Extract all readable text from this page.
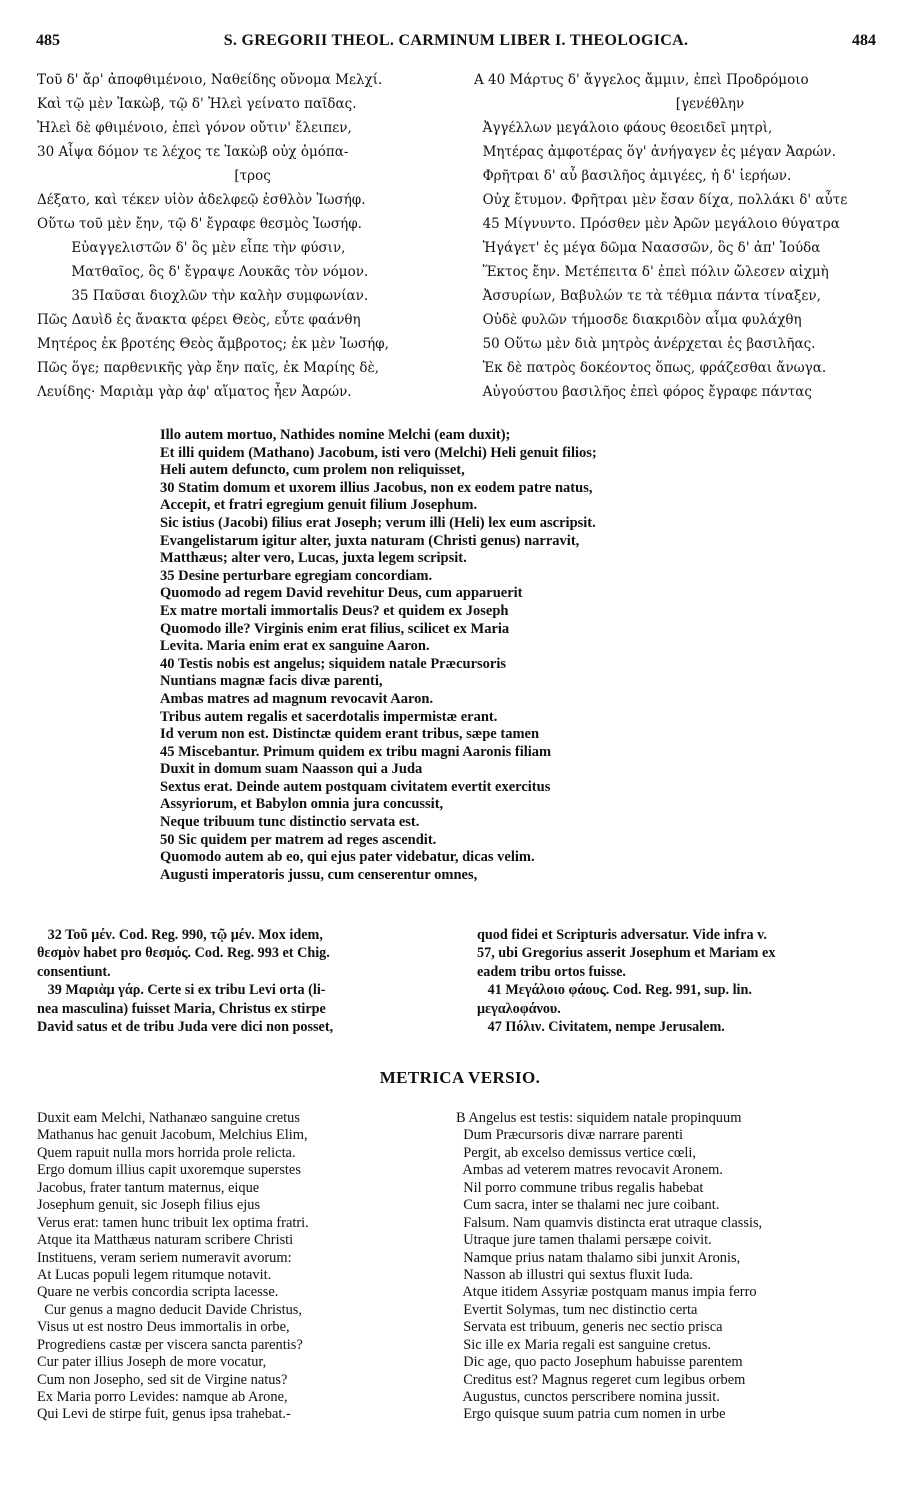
485	S. GREGORII THEOL. CARMINUM LIBER I. THEOLOGICA.	484
Τοῦ δ' ἄρ' ἀποφθιμένοιο, Ναθείδης οὔνομα Μελχί.
Καὶ τῷ μὲν Ἰακὼβ, τῷ δ' Ἠλεὶ γείνατο παῖδας.
Ἠλεὶ δὲ φθιμένοιο, ἐπεὶ γόνον οὔτιν' ἔλειπεν,
30 Αἶψα δόμον τε λέχος τε Ἰακὼβ οὐχ ὁμόπα-
[τρος
Δέξατο, καὶ τέκεν υἱὸν ἀδελφεῷ ἐσθλὸν Ἰωσήφ.
Οὕτω τοῦ μὲν ἔην, τῷ δ' ἔγραφε θεσμὸς Ἰωσήφ.
Εὐαγγελιστῶν δ' ὃς μὲν εἶπε τὴν φύσιν,
Ματθαῖος, ὃς δ' ἔγραψε Λουκᾶς τὸν νόμον.
35 Παῦσαι διοχλῶν τὴν καλὴν συμφωνίαν.
Πῶς Δαυὶδ ἐς ἄνακτα φέρει Θεὸς, εὖτε φαάνθη
Μητέρος ἐκ βροτέης Θεὸς ἄμβροτος; ἐκ μὲν Ἰωσήφ,
Πῶς ὅγε; παρθενικῆς γὰρ ἔην παῖς, ἐκ Μαρίης δὲ,
Λευίδης· Μαριὰμ γὰρ ἀφ' αἵματος ἦεν Ἀαρών.
A 40 Μάρτυς δ' ἄγγελος ἄμμιν, ἐπεὶ Προδρόμοιο
[γενέθλην
Ἀγγέλλων μεγάλοιο φάους θεοειδεῖ μητρὶ,
Μητέρας ἀμφοτέρας ὅγ' ἀνήγαγεν ἐς μέγαν Ἀαρών.
Φρῆτραι δ' αὖ βασιλῆος ἀμιγέες, ἡ δ' ἱερήων.
Οὐχ ἔτυμον. Φρῆτραι μὲν ἔσαν δίχα, πολλάκι δ' αὖτε
45 Μίγνυντο. Πρόσθεν μὲν Ἀρῶν μεγάλοιο θύγατρα
Ἠγάγετ' ἐς μέγα δῶμα Ναασσῶν, ὃς δ' ἀπ' Ἰούδα
Ἕκτος ἔην. Μετέπειτα δ' ἐπεὶ πόλιν ὤλεσεν αἰχμὴ
Ἀσσυρίων, Βαβυλών τε τὰ τέθμια πάντα τίναξεν,
Οὐδὲ φυλῶν τήμοσδε διακριδὸν αἷμα φυλάχθη
50 Οὕτω μὲν διὰ μητρὸς ἀνέρχεται ἐς βασιλῆας.
Ἐκ δὲ πατρὸς δοκέοντος ὅπως, φράζεσθαι ἄνωγα.
Αὐγούστου βασιλῆος ἐπεὶ φόρος ἔγραφε πάντας
Illo autem mortuo, Nathides nomine Melchi (eam duxit);
Et illi quidem (Mathano) Jacobum, isti vero (Melchi) Heli genuit filios;
Heli autem defuncto, cum prolem non reliquisset,
30 Statim domum et uxorem illius Jacobus, non ex eodem patre natus,
Accepit, et fratri egregium genuit filium Josephum.
Sic istius (Jacobi) filius erat Joseph; verum illi (Heli) lex eum ascripsit.
Evangelistarum igitur alter, juxta naturam (Christi genus) narravit,
Matthæus; alter vero, Lucas, juxta legem scripsit.
35 Desine perturbare egregiam concordiam.
Quomodo ad regem David revehitur Deus, cum apparuerit
Ex matre mortali immortalis Deus? et quidem ex Joseph
Quomodo ille? Virginis enim erat filius, scilicet ex Maria
Levita. Maria enim erat ex sanguine Aaron.
40 Testis nobis est angelus; siquidem natale Præcursoris
Nuntians magnæ facis divæ parenti,
Ambas matres ad magnum revocavit Aaron.
Tribus autem regalis et sacerdotalis impermistæ erant.
Id verum non est. Distinctæ quidem erant tribus, sæpe tamen
45 Miscebantur. Primum quidem ex tribu magni Aaronis filiam
Duxit in domum suam Naasson qui a Juda
Sextus erat. Deinde autem postquam civitatem evertit exercitus
Assyriorum, et Babylon omnia jura concussit,
Neque tribuum tunc distinctio servata est.
50 Sic quidem per matrem ad reges ascendit.
Quomodo autem ab eo, qui ejus pater videbatur, dicas velim.
Augusti imperatoris jussu, cum censerentur omnes,
32 Τοῦ μέν. Cod. Reg. 990, τῷ μέν. Mox idem,
θεσμὸν habet pro θεσμός. Cod. Reg. 993 et Chig.
consentiunt.
39 Μαριὰμ γάρ. Certe si ex tribu Levi orta (li-
nea masculina) fuisset Maria, Christus ex stirpe
David satus et de tribu Juda vere dici non posset,
quod fidei et Scripturis adversatur. Vide infra v.
57, ubi Gregorius asserit Josephum et Mariam ex
eadem tribu ortos fuisse.
41 Μεγάλοιο φάους. Cod. Reg. 991, sup. lin.
μεγαλοφάνου.
47 Πόλιν. Civitatem, nempe Jerusalem.
METRICA VERSIO.
Duxit eam Melchi, Nathanæo sanguine cretus
Mathanus hac genuit Jacobum, Melchius Elim,
Quem rapuit nulla mors horrida prole relicta.
Ergo domum illius capit uxoremque superstes
Jacobus, frater tantum maternus, eique
Josephum genuit, sic Joseph filius ejus
Verus erat: tamen hunc tribuit lex optima fratri.
Atque ita Matthæus naturam scribere Christi
Instituens, veram seriem numeravit avorum:
At Lucas populi legem ritumque notavit.
Quare ne verbis concordia scripta lacesse.
Cur genus a magno deducit Davide Christus,
Visus ut est nostro Deus immortalis in orbe,
Progrediens castæ per viscera sancta parentis?
Cur pater illius Joseph de more vocatur,
Cum non Josepho, sed sit de Virgine natus?
Ex Maria porro Levides: namque ab Arone,
Qui Levi de stirpe fuit, genus ipsa trahebat.-
B Angelus est testis: siquidem natale propinquum
Dum Præcursoris divæ narrare parenti
Pergit, ab excelso demissus vertice cœli,
Ambas ad veterem matres revocavit Aronem.
Nil porro commune tribus regalis habebat
Cum sacra, inter se thalami nec jure coibant.
Falsum. Nam quamvis distincta erat utraque classis,
Utraque jure tamen thalami persæpe coivit.
Namque prius natam thalamo sibi junxit Aronis,
Nasson ab illustri qui sextus fluxit Iuda.
Atque itidem Assyriæ postquam manus impia ferro
Evertit Solymas, tum nec distinctio certa
Servata est tribuum, generis nec sectio prisca
Sic ille ex Maria regali est sanguine cretus.
Dic age, quo pacto Josephum habuisse parentem
Creditus est? Magnus regeret cum legibus orbem
Augustus, cunctos perscribere nomina jussit.
Ergo quisque suum patria cum nomen in urbe
